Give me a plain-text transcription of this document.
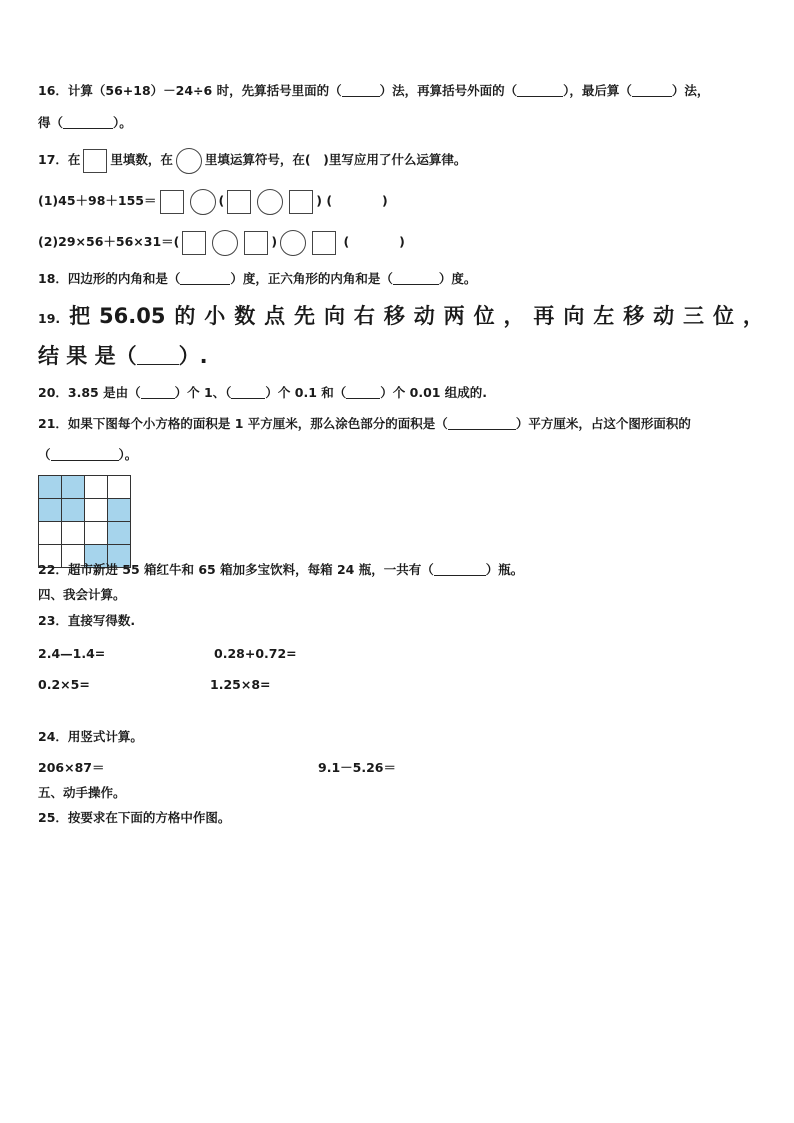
16．计算（56+18）－24÷6 时，先算括号里面的（	）法，再算括号外面的（	），最后算（	）法，
得（	）。
17．在 里填数，在	里填运算符号，在(　)里写应用了什么运算律。
(1)45＋98＋155＝	(	) (　　　　)
(2)29×56＋56×31＝(	)	(　　　　)
18．四边形的内角和是（	）度，正六角形的内角和是（	）度。
19. 把 56.05 的 小 数 点 先 向 右 移 动 两 位 ， 再 向 左 移 动 三 位 ，
结 果 是（ ）.
20．3.85 是由（	）个 1、（	）个 0.1 和（	）个 0.01 组成的.
21．如果下图每个小方格的面积是 1 平方厘米，那么涂色部分的面积是（	）平方厘米，占这个图形面积的
（	）。

22．超市新进 55 箱红牛和 65 箱加多宝饮料，每箱 24 瓶，一共有（	）瓶。
四、我会计算。
23．直接写得数.
2.4—1.4=	0.28+0.72=
0.2×5=	1.25×8=
24．用竖式计算。
206×87＝	9.1－5.26＝
五、动手操作。
25．按要求在下面的方格中作图。
